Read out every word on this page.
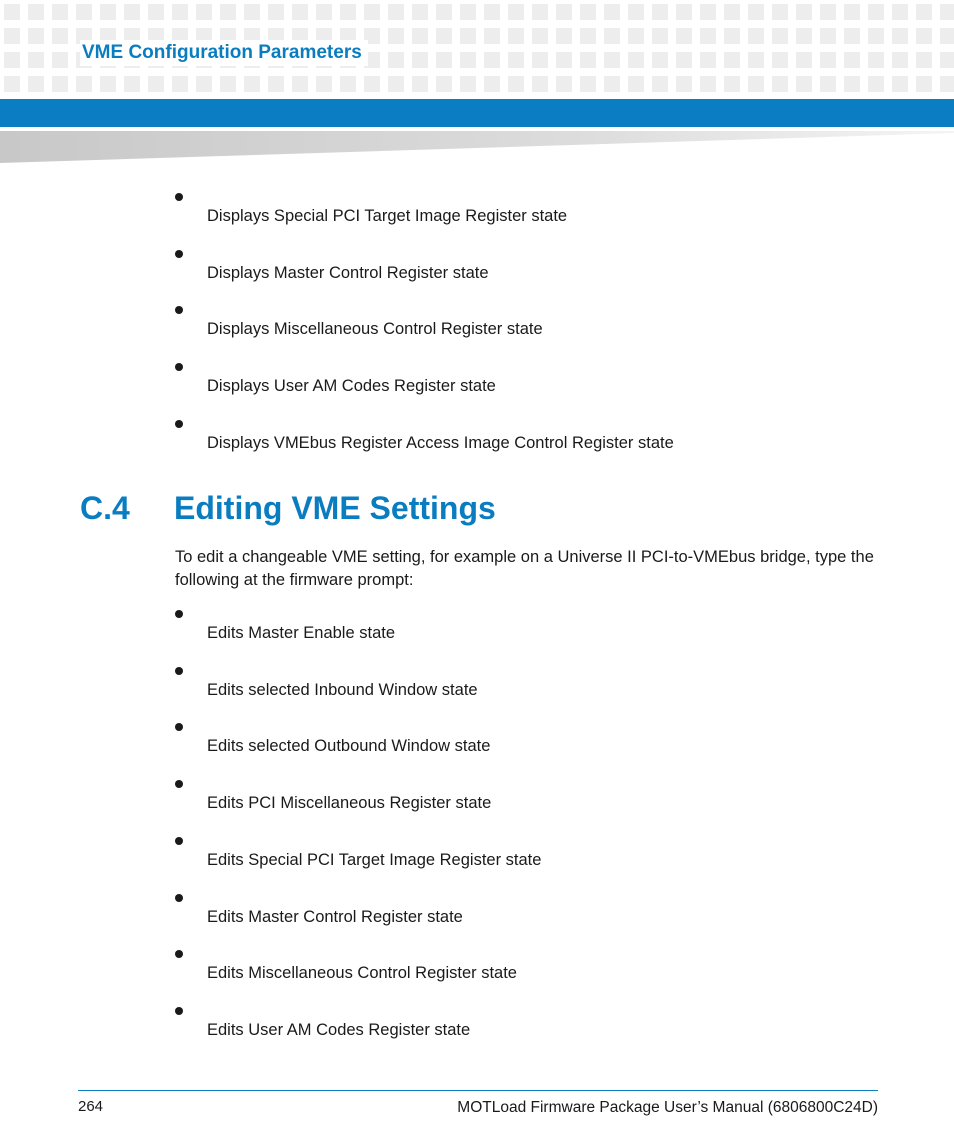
VME Configuration Parameters
Displays Special PCI Target Image Register state
Displays Master Control Register state
Displays Miscellaneous Control Register state
Displays User AM Codes Register state
Displays VMEbus Register Access Image Control Register state
C.4 Editing VME Settings
To edit a changeable VME setting, for example on a Universe II PCI-to-VMEbus bridge, type the following at the firmware prompt:
Edits Master Enable state
Edits selected Inbound Window state
Edits selected Outbound Window state
Edits PCI Miscellaneous Register state
Edits Special PCI Target Image Register state
Edits Master Control Register state
Edits Miscellaneous Control Register state
Edits User AM Codes Register state
264	MOTLoad Firmware Package User’s Manual (6806800C24D)
